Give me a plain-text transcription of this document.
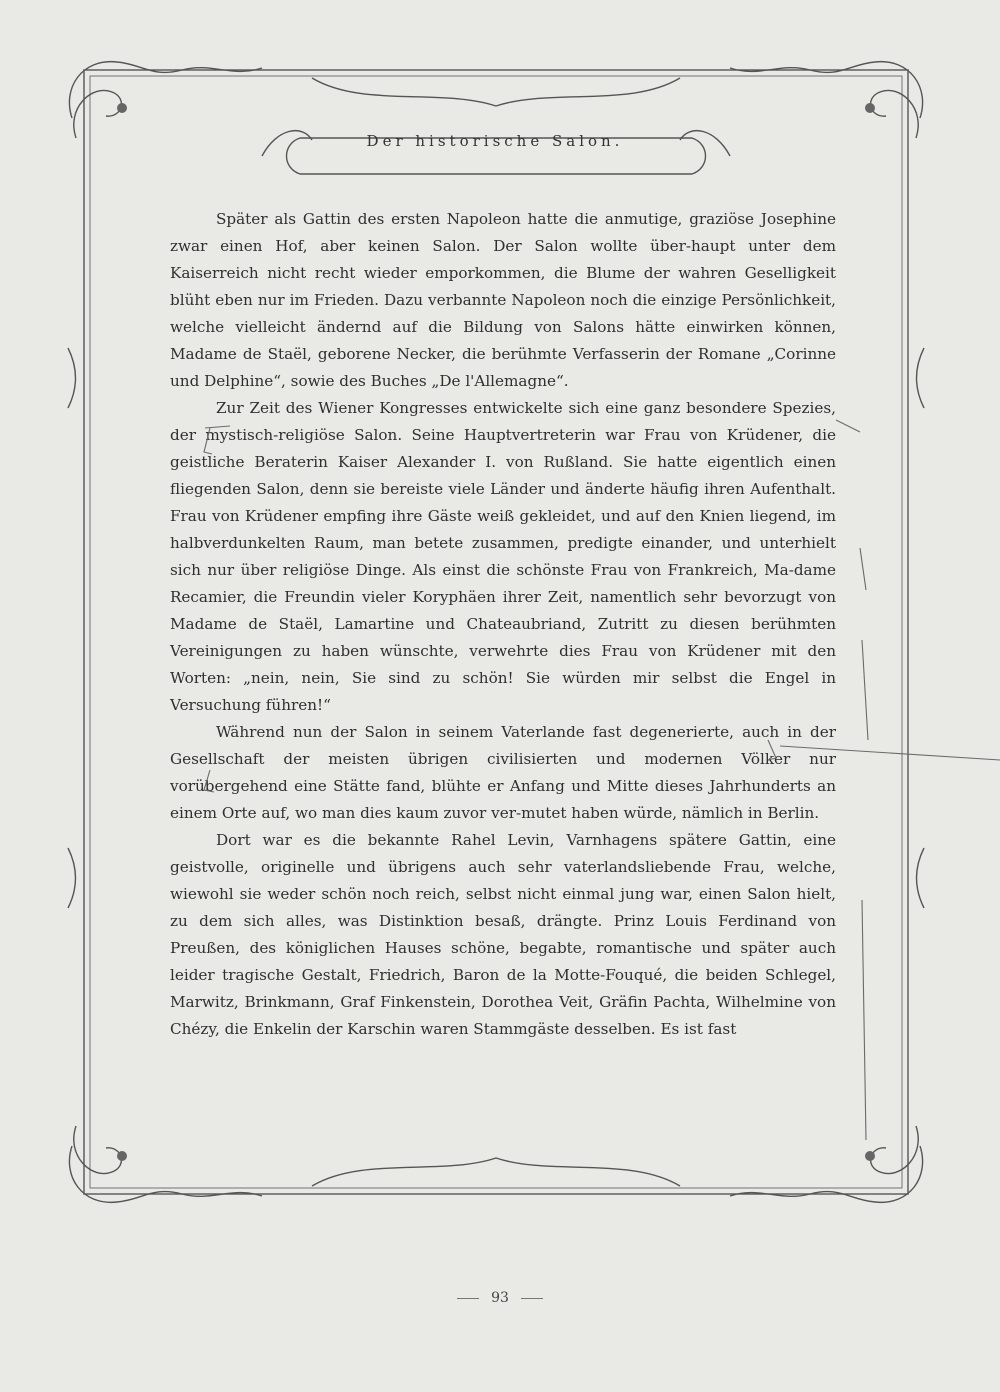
Der historische Salon.

Später als Gattin des ersten Napoleon hatte die anmutige, graziöse Josephine zwar einen Hof, aber keinen Salon. Der Salon wollte über‑haupt unter dem Kaiserreich nicht recht wieder emporkommen, die Blume der wahren Geselligkeit blüht eben nur im Frieden. Dazu verbannte Napoleon noch die einzige Persönlichkeit, welche vielleicht ändernd auf die Bildung von Salons hätte einwirken können, Madame de Staël, geborene Necker, die berühmte Verfasserin der Romane „Corinne und Delphine“, sowie des Buches „De l'Allemagne“.

Zur Zeit des Wiener Kongresses entwickelte sich eine ganz besondere Spezies, der mystisch‑religiöse Salon. Seine Hauptvertreterin war Frau von Krüdener, die geistliche Beraterin Kaiser Alexander I. von Rußland. Sie hatte eigentlich einen fliegenden Salon, denn sie bereiste viele Länder und änderte häufig ihren Aufenthalt. Frau von Krüdener empfing ihre Gäste weiß gekleidet, und auf den Knien liegend, im halbverdunkelten Raum, man betete zusammen, predigte einander, und unterhielt sich nur über religiöse Dinge. Als einst die schönste Frau von Frankreich, Ma‑dame Recamier, die Freundin vieler Koryphäen ihrer Zeit, namentlich sehr bevorzugt von Madame de Staël, Lamartine und Chateaubriand, Zutritt zu diesen berühmten Vereinigungen zu haben wünschte, verwehrte dies Frau von Krüdener mit den Worten: „nein, nein, Sie sind zu schön! Sie würden mir selbst die Engel in Versuchung führen!“

Während nun der Salon in seinem Vaterlande fast degenerierte, auch in der Gesellschaft der meisten übrigen civilisierten und modernen Völker nur vorübergehend eine Stätte fand, blühte er Anfang und Mitte dieses Jahrhunderts an einem Orte auf, wo man dies kaum zuvor ver‑mutet haben würde, nämlich in Berlin.

Dort war es die bekannte Rahel Levin, Varnhagens spätere Gattin, eine geistvolle, originelle und übrigens auch sehr vaterlandsliebende Frau, welche, wiewohl sie weder schön noch reich, selbst nicht einmal jung war, einen Salon hielt, zu dem sich alles, was Distinktion besaß, drängte. Prinz Louis Ferdinand von Preußen, des königlichen Hauses schöne, begabte, romantische und später auch leider tragische Gestalt, Friedrich, Baron de la Motte‑Fouqué, die beiden Schlegel, Marwitz, Brinkmann, Graf Finkenstein, Dorothea Veit, Gräfin Pachta, Wilhelmine von Chézy, die Enkelin der Karschin waren Stammgäste desselben. Es ist fast

93
